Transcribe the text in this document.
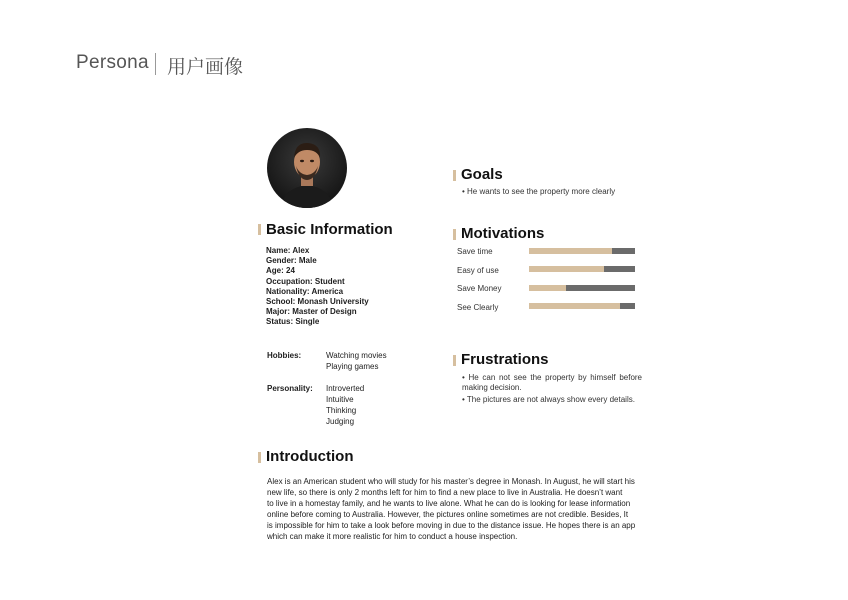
Persona 用户画像
Basic Information
Name: Alex
Gender: Male
Age: 24
Occupation: Student
Nationality: America
School: Monash University
Major: Master of Design
Status: Single
Hobbies:	Watching movies
Playing games
Personality: Introverted
Intuitive
Thinking
Judging
Goals
• He wants to see the property more clearly
Motivations
Save time
Easy of use
Save Money
See Clearly
Frustrations
• He can not see the property by himself before
making decision.
• The pictures are not always show every details.
Introduction
Alex is an American student who will study for his master’s degree in Monash. In August, he will start his
new life, so there is only 2 months left for him to find a new place to live in Australia. He doesn’t want
to live in a homestay family, and he wants to live alone. What he can do is looking for lease information
online before coming to Australia. However, the pictures online sometimes are not credible. Besides, It
is impossible for him to take a look before moving in due to the distance issue. He hopes there is an app
which can make it more realistic for him to conduct a house inspection.
